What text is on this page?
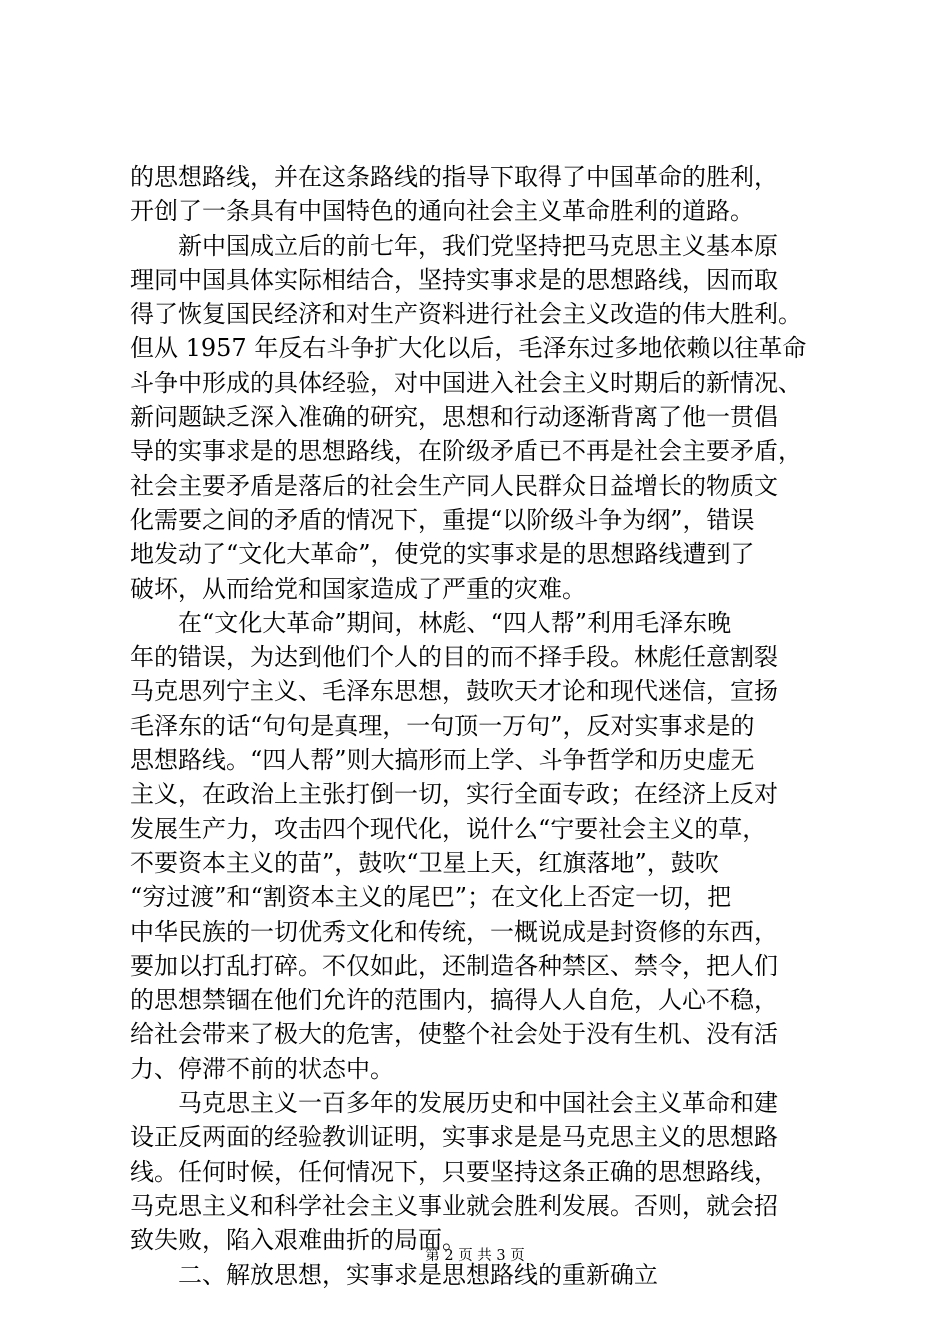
的思想路线，并在这条路线的指导下取得了中国革命的胜利，
开创了一条具有中国特色的通向社会主义革命胜利的道路。
　　新中国成立后的前七年，我们党坚持把马克思主义基本原
理同中国具体实际相结合，坚持实事求是的思想路线，因而取
得了恢复国民经济和对生产资料进行社会主义改造的伟大胜利。
但从 1957 年反右斗争扩大化以后，毛泽东过多地依赖以往革命
斗争中形成的具体经验，对中国进入社会主义时期后的新情况、
新问题缺乏深入准确的研究，思想和行动逐渐背离了他一贯倡
导的实事求是的思想路线，在阶级矛盾已不再是社会主要矛盾，
社会主要矛盾是落后的社会生产同人民群众日益增长的物质文
化需要之间的矛盾的情况下，重提“以阶级斗争为纲”，错误
地发动了“文化大革命”，使党的实事求是的思想路线遭到了
破坏，从而给党和国家造成了严重的灾难。
　　在“文化大革命”期间，林彪、“四人帮”利用毛泽东晚
年的错误，为达到他们个人的目的而不择手段。林彪任意割裂
马克思列宁主义、毛泽东思想，鼓吹天才论和现代迷信，宣扬
毛泽东的话“句句是真理，一句顶一万句”，反对实事求是的
思想路线。“四人帮”则大搞形而上学、斗争哲学和历史虚无
主义，在政治上主张打倒一切，实行全面专政；在经济上反对
发展生产力，攻击四个现代化，说什么“宁要社会主义的草，
不要资本主义的苗”，鼓吹“卫星上天，红旗落地”，鼓吹
“穷过渡”和“割资本主义的尾巴”；在文化上否定一切，把
中华民族的一切优秀文化和传统，一概说成是封资修的东西，
要加以打乱打碎。不仅如此，还制造各种禁区、禁令，把人们
的思想禁锢在他们允许的范围内，搞得人人自危，人心不稳，
给社会带来了极大的危害，使整个社会处于没有生机、没有活
力、停滞不前的状态中。
　　马克思主义一百多年的发展历史和中国社会主义革命和建
设正反两面的经验教训证明，实事求是是马克思主义的思想路
线。任何时候，任何情况下，只要坚持这条正确的思想路线，
马克思主义和科学社会主义事业就会胜利发展。否则，就会招
致失败，陷入艰难曲折的局面。
　　二、解放思想，实事求是思想路线的重新确立
第 2 页 共 3 页
